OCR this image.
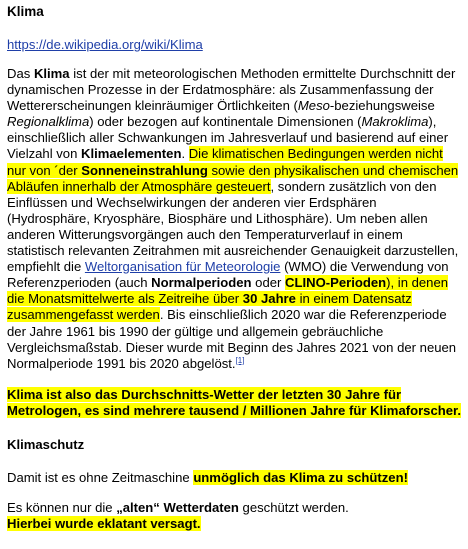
Klima
https://de.wikipedia.org/wiki/Klima

Das Klima ist der mit meteorologischen Methoden ermittelte Durchschnitt der dynamischen Prozesse in der Erdatmosphäre: als Zusammenfassung der Wettererscheinungen kleinräumiger Örtlichkeiten (Meso-beziehungsweise Regionalklima) oder bezogen auf kontinentale Dimensionen (Makroklima), einschließlich aller Schwankungen im Jahresverlauf und basierend auf einer Vielzahl von Klimaelementen. Die klimatischen Bedingungen werden nicht nur von ´der Sonneneinstrahlung sowie den physikalischen und chemischen Abläufen innerhalb der Atmosphäre gesteuert, sondern zusätzlich von den Einflüssen und Wechselwirkungen der anderen vier Erdsphären (Hydrosphäre, Kryosphäre, Biosphäre und Lithosphäre). Um neben allen anderen Witterungsvorgängen auch den Temperaturverlauf in einem statistisch relevanten Zeitrahmen mit ausreichender Genauigkeit darzustellen, empfiehlt die Weltorganisation für Meteorologie (WMO) die Verwendung von Referenzperioden (auch Normalperioden oder CLINO-Perioden), in denen die Monatsmittelwerte als Zeitreihe über 30 Jahre in einem Datensatz zusammengefasst werden. Bis einschließlich 2020 war die Referenzperiode der Jahre 1961 bis 1990 der gültige und allgemein gebräuchliche Vergleichsmaßstab. Dieser wurde mit Beginn des Jahres 2021 von der neuen Normalperiode 1991 bis 2020 abgelöst.[1]

Klima ist also das Durchschnitts-Wetter der letzten 30 Jahre für Metrologen, es sind mehrere tausend / Millionen Jahre für Klimaforscher.

Klimaschutz

Damit ist es ohne Zeitmaschine unmöglich das Klima zu schützen!

Es können nur die „alten“ Wetterdaten geschützt werden.
Hierbei wurde eklatant versagt.
